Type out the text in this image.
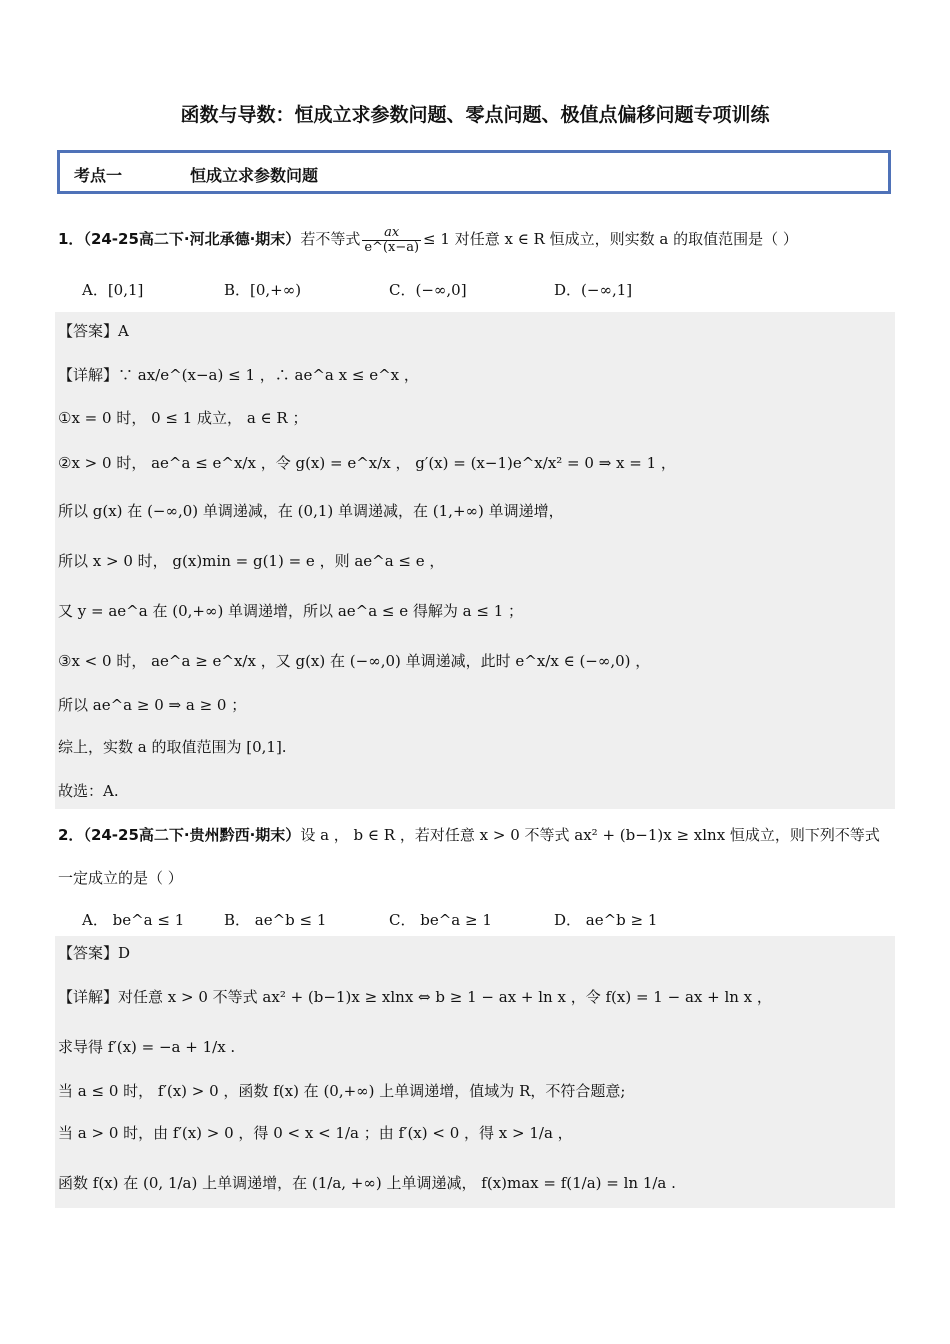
函数与导数：恒成立求参数问题、零点问题、极值点偏移问题专项训练
考点一	恒成立求参数问题
1．（24-25高二下·河北承德·期末）若不等式 $\frac{ax}{e\^{}(x-a)} \le 1$ 对任意 x ∈ R 恒成立，则实数 a 的取值范围是（ ）
A．[0,1]	B．[0,+∞)	C．(−∞,0]	D．(−∞,1]
【答案】A
【详解】∵ ax/e^(x−a) ≤ 1 ，∴ ae^a x ≤ e^x ，
①x = 0 时， 0 ≤ 1 成立， a ∈ R ；
②x > 0 时， ae^a ≤ e^x/x ，令 g(x) = e^x/x ， g′(x) = (x−1)e^x/x² = 0 ⇒ x = 1 ，
所以 g(x) 在 (−∞,0) 单调递减，在 (0,1) 单调递减，在 (1,+∞) 单调递增，
所以 x > 0 时， g(x)min = g(1) = e ，则 ae^a ≤ e ，
又 y = ae^a 在 (0,+∞) 单调递增，所以 ae^a ≤ e 得解为 a ≤ 1 ；
③x < 0 时， ae^a ≥ e^x/x ，又 g(x) 在 (−∞,0) 单调递减，此时 e^x/x ∈ (−∞,0) ，
所以 ae^a ≥ 0 ⇒ a ≥ 0 ；
综上，实数 a 的取值范围为 [0,1].
故选：A.
2．（24-25高二下·贵州黔西·期末）设 a ， b ∈ R ，若对任意 x > 0 不等式 ax² + (b−1)x ≥ xlnx 恒成立，则下列不等式
一定成立的是（ ）
A． be^a ≤ 1	B． ae^b ≤ 1	C． be^a ≥ 1	D． ae^b ≥ 1
【答案】D
【详解】对任意 x > 0 不等式 ax² + (b−1)x ≥ xlnx ⇔ b ≥ 1 − ax + ln x ，令 f(x) = 1 − ax + ln x ，
求导得 f′(x) = −a + 1/x .
当 a ≤ 0 时， f′(x) > 0 ，函数 f(x) 在 (0,+∞) 上单调递增，值域为 R，不符合题意;
当 a > 0 时，由 f′(x) > 0 ，得 0 < x < 1/a ；由 f′(x) < 0 ，得 x > 1/a ，
函数 f(x) 在 (0, 1/a) 上单调递增，在 (1/a, +∞) 上单调递减， f(x)max = f(1/a) = ln 1/a .
